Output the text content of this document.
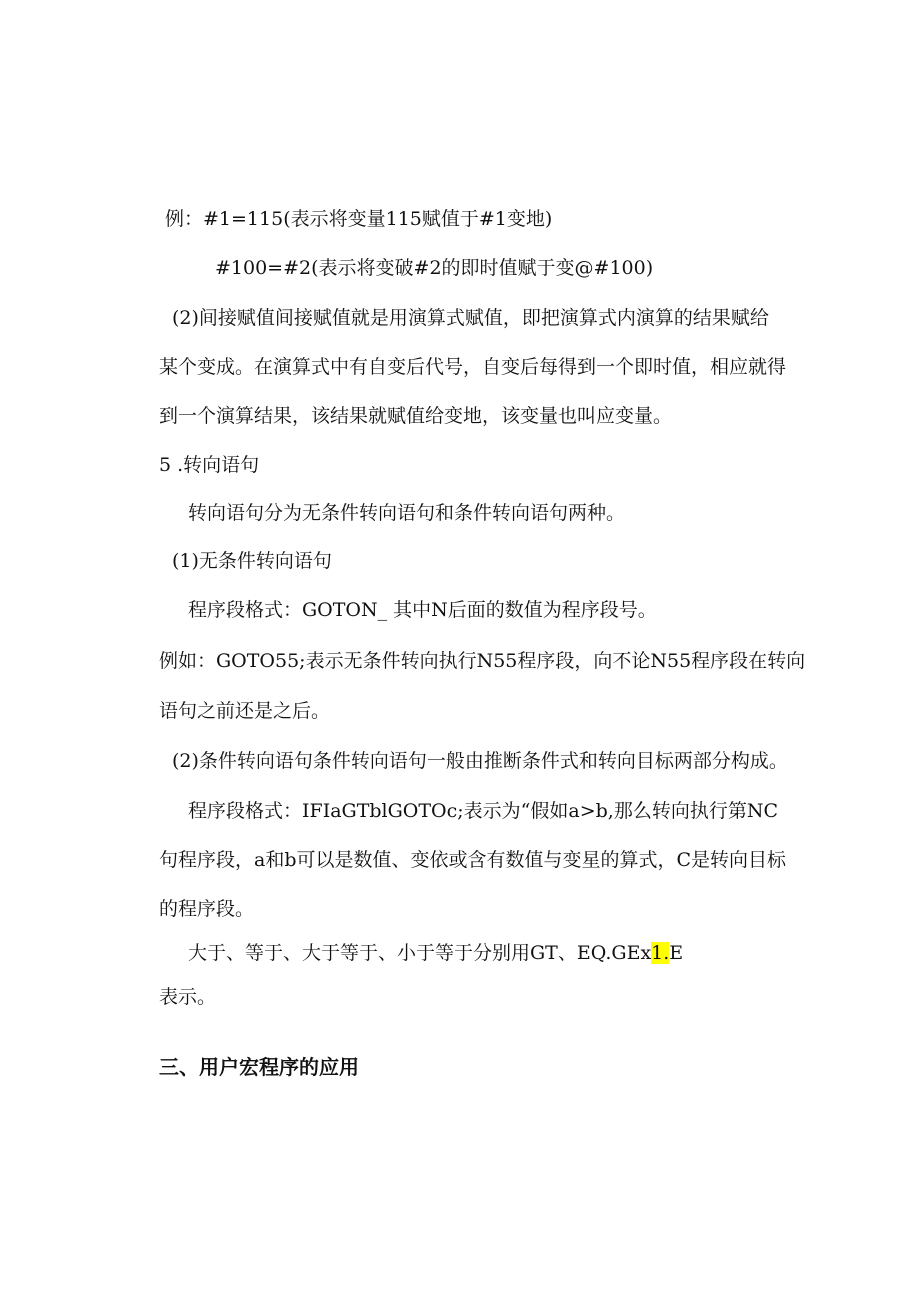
例：#1=115(表示将变量115赋值于#1变地)

#100=#2(表示将变破#2的即时值赋于变@#100)

(2)间接赋值间接赋值就是用演算式赋值，即把演算式内演算的结果赋给

某个变成。在演算式中有自变后代号，自变后每得到一个即时值，相应就得

到一个演算结果，该结果就赋值给变地，该变量也叫应变量。

5 .转向语句

转向语句分为无条件转向语句和条件转向语句两种。

(1)无条件转向语句

程序段格式：GOTON_ 其中N后面的数值为程序段号。

例如：GOTO55;表示无条件转向执行N55程序段，向不论N55程序段在转向

语句之前还是之后。

(2)条件转向语句条件转向语句一般由推断条件式和转向目标两部分构成。

程序段格式：IFIaGTblGOTOc;表示为“假如a>b,那么转向执行第NC

句程序段，a和b可以是数值、变依或含有数值与变星的算式，C是转向目标

的程序段。

大于、等于、大于等于、小于等于分别用GT、EQ.GEx1.E

表示。

三、用户宏程序的应用
